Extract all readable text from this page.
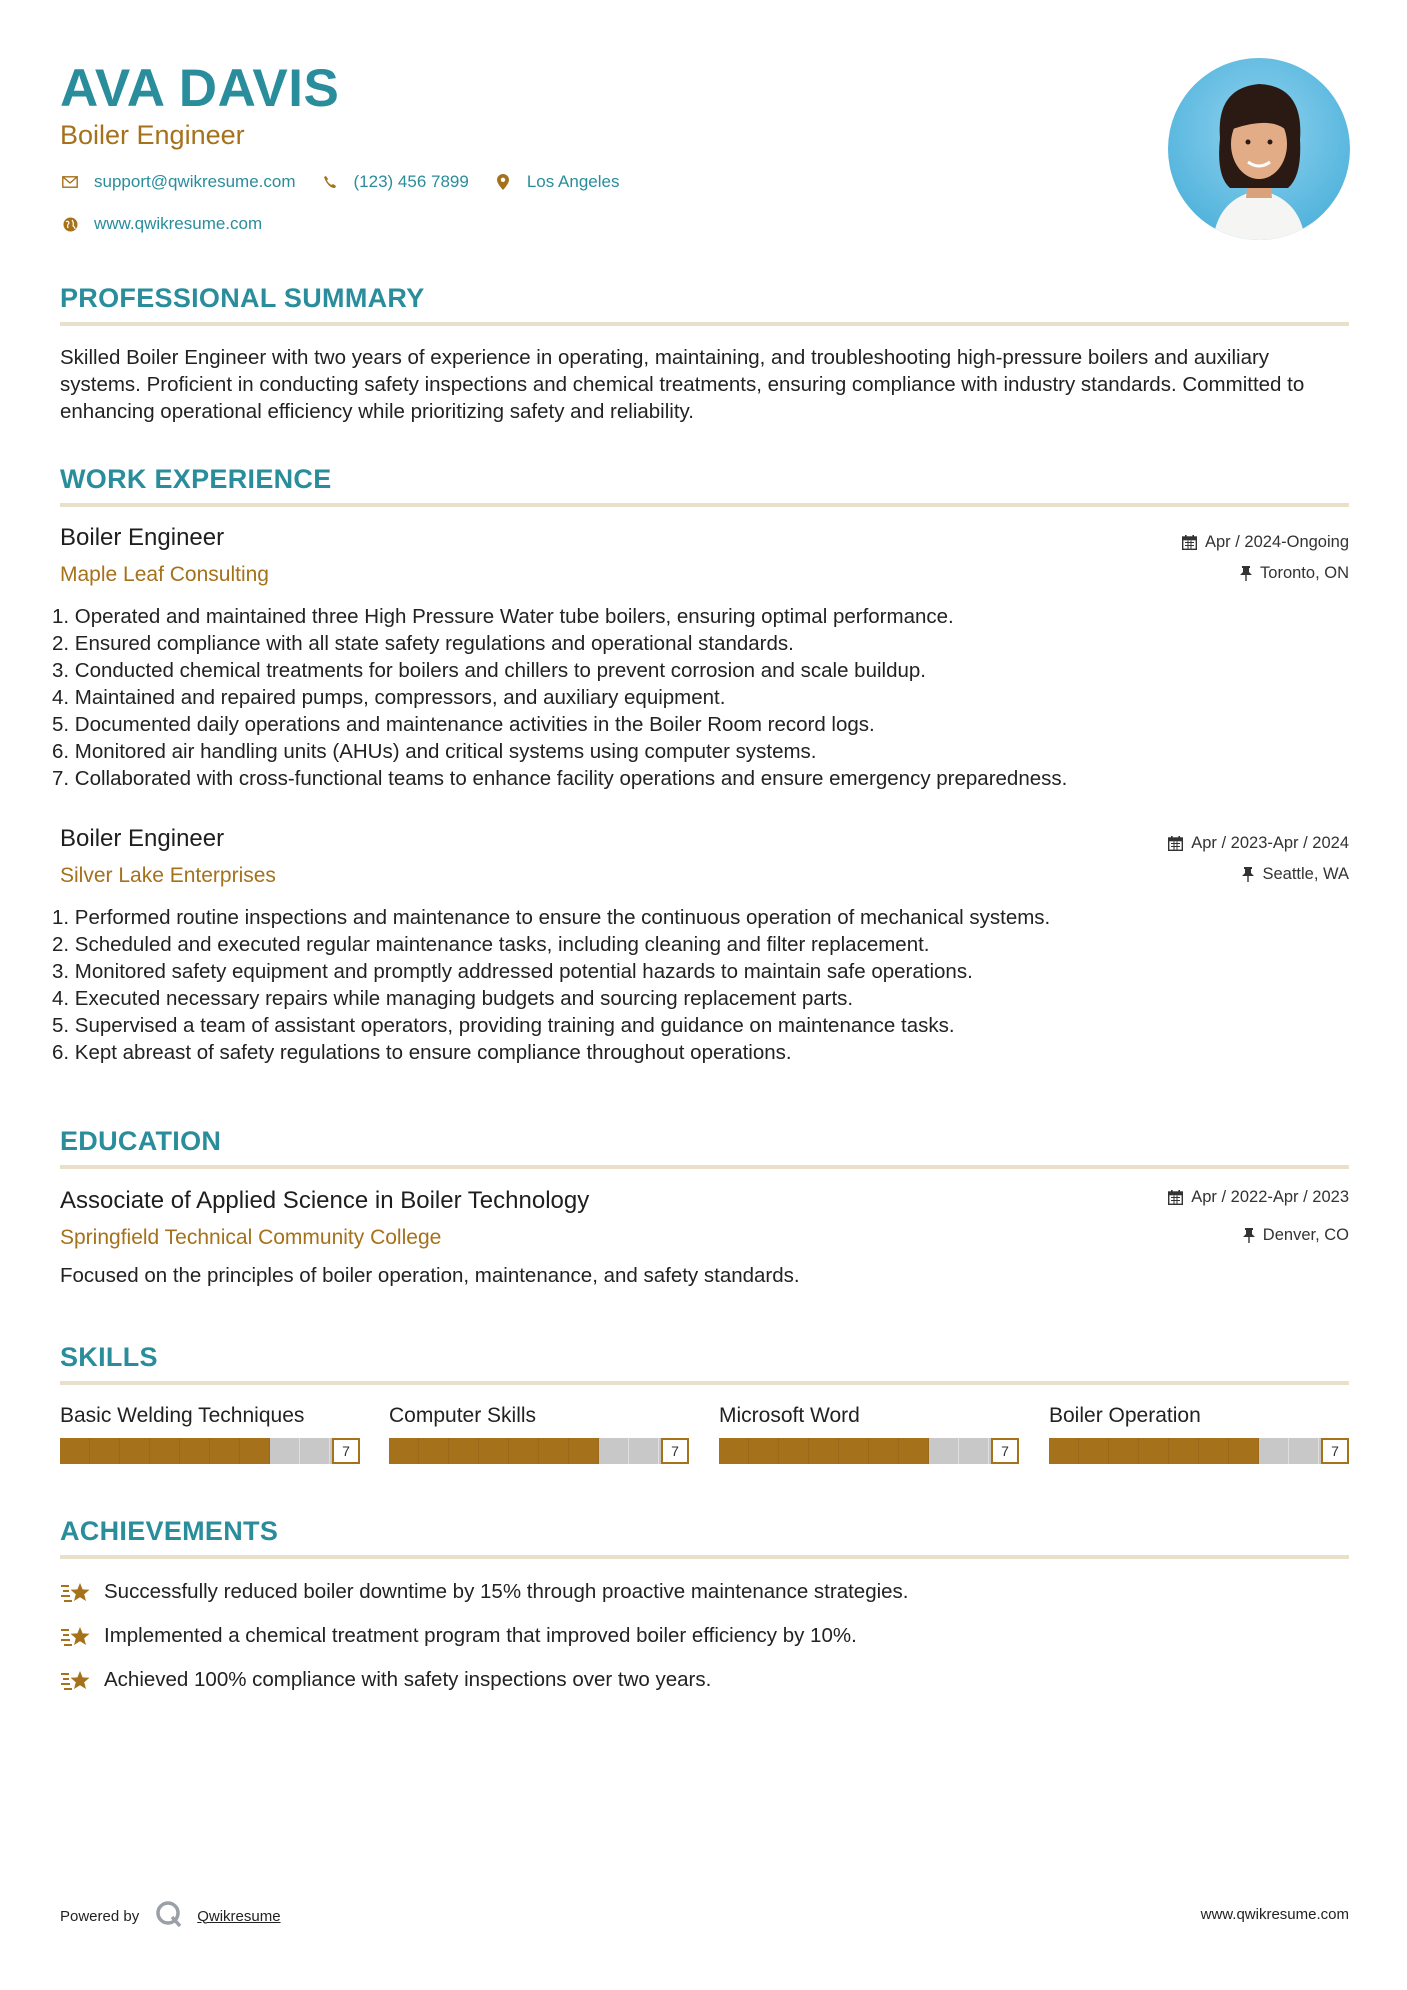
AVA DAVIS
Boiler Engineer
support@qwikresume.com	(123) 456 7899	Los Angeles
www.qwikresume.com
PROFESSIONAL SUMMARY
Skilled Boiler Engineer with two years of experience in operating, maintaining, and troubleshooting high-pressure boilers and auxiliary systems. Proficient in conducting safety inspections and chemical treatments, ensuring compliance with industry standards. Committed to enhancing operational efficiency while prioritizing safety and reliability.
WORK EXPERIENCE
Boiler Engineer
Maple Leaf Consulting
Apr / 2024-Ongoing
Toronto, ON
1. Operated and maintained three High Pressure Water tube boilers, ensuring optimal performance.
2. Ensured compliance with all state safety regulations and operational standards.
3. Conducted chemical treatments for boilers and chillers to prevent corrosion and scale buildup.
4. Maintained and repaired pumps, compressors, and auxiliary equipment.
5. Documented daily operations and maintenance activities in the Boiler Room record logs.
6. Monitored air handling units (AHUs) and critical systems using computer systems.
7. Collaborated with cross-functional teams to enhance facility operations and ensure emergency preparedness.
Boiler Engineer
Silver Lake Enterprises
Apr / 2023-Apr / 2024
Seattle, WA
1. Performed routine inspections and maintenance to ensure the continuous operation of mechanical systems.
2. Scheduled and executed regular maintenance tasks, including cleaning and filter replacement.
3. Monitored safety equipment and promptly addressed potential hazards to maintain safe operations.
4. Executed necessary repairs while managing budgets and sourcing replacement parts.
5. Supervised a team of assistant operators, providing training and guidance on maintenance tasks.
6. Kept abreast of safety regulations to ensure compliance throughout operations.
EDUCATION
Associate of Applied Science in Boiler Technology
Springfield Technical Community College
Apr / 2022-Apr / 2023
Denver, CO
Focused on the principles of boiler operation, maintenance, and safety standards.
SKILLS
Basic Welding Techniques
7
Computer Skills
7
Microsoft Word
7
Boiler Operation
7
ACHIEVEMENTS
Successfully reduced boiler downtime by 15% through proactive maintenance strategies.
Implemented a chemical treatment program that improved boiler efficiency by 10%.
Achieved 100% compliance with safety inspections over two years.
Powered by	Qwikresume	www.qwikresume.com
